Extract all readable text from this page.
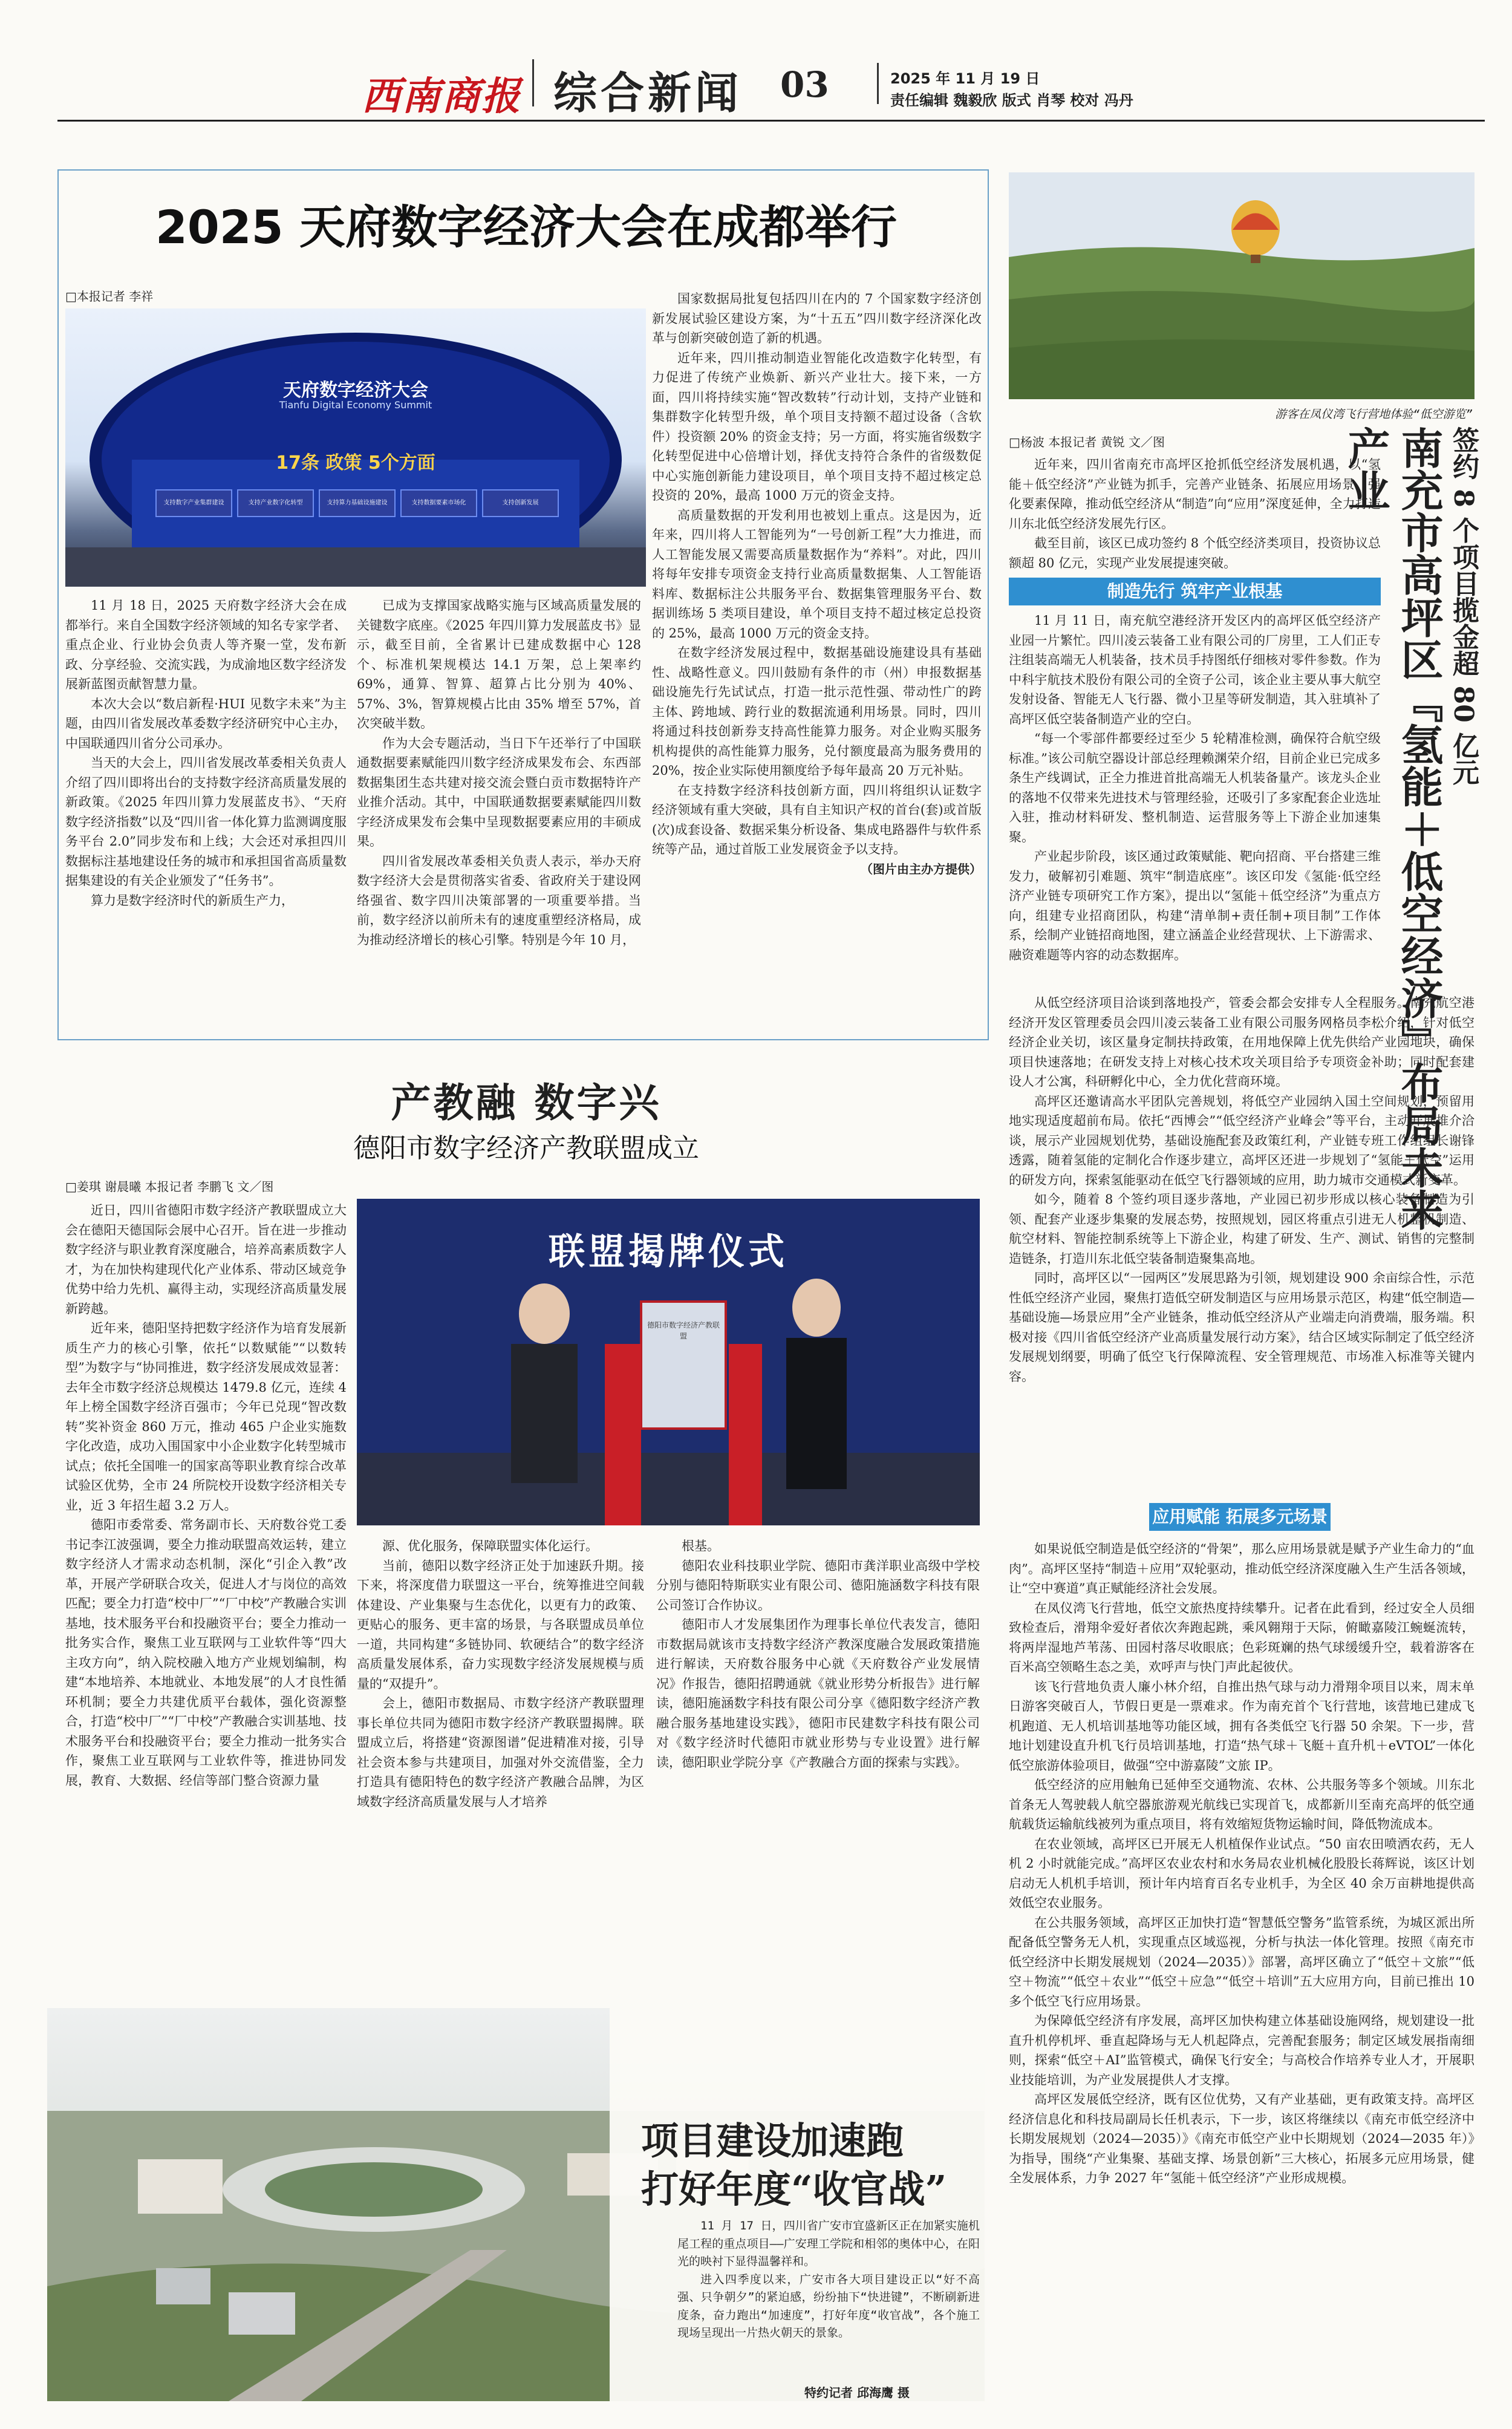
西南商报 综合新闻 03	2025 年 11 月 19 日
责任编辑 魏毅欣 版式 肖琴 校对 冯丹
2025 天府数字经济大会在成都举行
□本报记者 李祥
天府数字经济大会
Tianfu Digital Economy Summit
17条 政策 5个方面
支持数字产业集群建设	支持产业数字化转型	支持算力基础设施建设	支持数据要素市场化	支持创新发展

11 月 18 日，2025 天府数字经济大会在成都举行。来自全国数字经济领域的知名专家学者、重点企业、行业协会负责人等齐聚一堂，发布新政、分享经验、交流实践，为成渝地区数字经济发展新蓝图贡献智慧力量。

本次大会以“数启新程·HUI 见数字未来”为主题，由四川省发展改革委数字经济研究中心主办，中国联通四川省分公司承办。

当天的大会上，四川省发展改革委相关负责人介绍了四川即将出台的支持数字经济高质量发展的新政策。《2025 年四川算力发展蓝皮书》、“天府数字经济指数”以及“四川省一体化算力监测调度服务平台 2.0”同步发布和上线；大会还对承担四川数据标注基地建设任务的城市和承担国省高质量数据集建设的有关企业颁发了“任务书”。

算力是数字经济时代的新质生产力，

已成为支撑国家战略实施与区域高质量发展的关键数字底座。《2025 年四川算力发展蓝皮书》显示，截至目前，全省累计已建成数据中心 128 个、标准机架规模达 14.1 万架，总上架率约 69%，通算、智算、超算占比分别为 40%、57%、3%，智算规模占比由 35% 增至 57%，首次突破半数。

作为大会专题活动，当日下午还举行了中国联通数据要素赋能四川数字经济成果发布会、东西部数据集团生态共建对接交流会暨白贡市数据特许产业推介活动。其中，中国联通数据要素赋能四川数字经济成果发布会集中呈现数据要素应用的丰硕成果。

四川省发展改革委相关负责人表示，举办天府数字经济大会是贯彻落实省委、省政府关于建设网络强省、数字四川决策部署的一项重要举措。当前，数字经济以前所未有的速度重塑经济格局，成为推动经济增长的核心引擎。特别是今年 10 月，

国家数据局批复包括四川在内的 7 个国家数字经济创新发展试验区建设方案，为“十五五”四川数字经济深化改革与创新突破创造了新的机遇。

近年来，四川推动制造业智能化改造数字化转型，有力促进了传统产业焕新、新兴产业壮大。接下来，一方面，四川将持续实施“智改数转”行动计划，支持产业链和集群数字化转型升级，单个项目支持额不超过设备（含软件）投资额 20% 的资金支持；另一方面，将实施省级数字化转型促进中心倍增计划，择优支持符合条件的省级数促中心实施创新能力建设项目，单个项目支持不超过核定总投资的 20%，最高 1000 万元的资金支持。

高质量数据的开发利用也被划上重点。这是因为，近年来，四川将人工智能列为“一号创新工程”大力推进，而人工智能发展又需要高质量数据作为“养料”。对此，四川将每年安排专项资金支持行业高质量数据集、人工智能语料库、数据标注公共服务平台、数据集管理服务平台、数据训练场 5 类项目建设，单个项目支持不超过核定总投资的 25%，最高 1000 万元的资金支持。

在数字经济发展过程中，数据基础设施建设具有基础性、战略性意义。四川鼓励有条件的市（州）申报数据基础设施先行先试试点，打造一批示范性强、带动性广的跨主体、跨地域、跨行业的数据流通利用场景。同时，四川将通过科技创新券支持高性能算力服务。对企业购买服务机构提供的高性能算力服务，兑付额度最高为服务费用的 20%，按企业实际使用额度给予每年最高 20 万元补贴。

在支持数字经济科技创新方面，四川将组织认证数字经济领域有重大突破，具有自主知识产权的首台(套)或首版(次)成套设备、数据采集分析设备、集成电路器件与软件系统等产品，通过首版工业发展资金予以支持。

（图片由主办方提供）

产教融 数字兴
德阳市数字经济产教联盟成立
□姜琪 谢晨曦 本报记者 李鹏飞 文／图
联盟揭牌仪式
德阳市数字经济产教联盟

近日，四川省德阳市数字经济产教联盟成立大会在德阳天德国际会展中心召开。旨在进一步推动数字经济与职业教育深度融合，培养高素质数字人才，为在加快构建现代化产业体系、带动区域竞争优势中给力先机、赢得主动，实现经济高质量发展新跨越。

近年来，德阳坚持把数字经济作为培育发展新质生产力的核心引擎，依托“以数赋能”“以数转型”为数字与“协同推进，数字经济发展成效显著：去年全市数字经济总规模达 1479.8 亿元，连续 4 年上榜全国数字经济百强市；今年已兑现“智改数转”奖补资金 860 万元，推动 465 户企业实施数字化改造，成功入围国家中小企业数字化转型城市试点；依托全国唯一的国家高等职业教育综合改革试验区优势，全市 24 所院校开设数字经济相关专业，近 3 年招生超 3.2 万人。

德阳市委常委、常务副市长、天府数谷党工委书记李江波强调，要全力推动联盟高效运转，建立数字经济人才需求动态机制，深化“引企入教”改革，开展产学研联合攻关，促进人才与岗位的高效匹配；要全力打造“校中厂”“厂中校”产教融合实训基地，技术服务平台和投融资平台；要全力推动一批务实合作，聚焦工业互联网与工业软件等“四大主攻方向”，纳入院校融入地方产业规划编制，构建“本地培养、本地就业、本地发展”的人才良性循环机制；要全力共建优质平台载体，强化资源整合，打造“校中厂”“厂中校”产教融合实训基地、技术服务平台和投融资平台；要全力推动一批务实合作，聚焦工业互联网与工业软件等，推进协同发展，教育、大数据、经信等部门整合资源力量

源、优化服务，保障联盟实体化运行。

当前，德阳以数字经济正处于加速跃升期。接下来，将深度借力联盟这一平台，统筹推进空间载体建设、产业集聚与生态优化，以更有力的政策、更贴心的服务、更丰富的场景，与各联盟成员单位一道，共同构建“多链协同、软硬结合”的数字经济高质量发展体系，奋力实现数字经济发展规模与质量的“双提升”。

会上，德阳市数据局、市数字经济产教联盟理事长单位共同为德阳市数字经济产教联盟揭牌。联盟成立后，将搭建“资源图谱”促进精准对接，引导社会资本参与共建项目，加强对外交流借鉴，全力打造具有德阳特色的数字经济产教融合品牌，为区域数字经济高质量发展与人才培养

根基。

德阳农业科技职业学院、德阳市龚洋职业高级中学校分别与德阳特斯联实业有限公司、德阳施涵数字科技有限公司签订合作协议。

德阳市人才发展集团作为理事长单位代表发言，德阳市数据局就该市支持数字经济产教深度融合发展政策措施进行解读，天府数谷服务中心就《天府数谷产业发展情况》作报告，德阳招聘通就《就业形势分析报告》进行解读，德阳施涵数字科技有限公司分享《德阳数字经济产教融合服务基地建设实践》，德阳市民建数字科技有限公司对《数字经济时代德阳市就业形势与专业设置》进行解读，德阳职业学院分享《产教融合方面的探索与实践》。

项目建设加速跑
打好年度“收官战”

11 月 17 日，四川省广安市宜盛新区正在加紧实施机尾工程的重点项目——广安理工学院和相邻的奥体中心，在阳光的映衬下显得温馨祥和。

进入四季度以来，广安市各大项目建设正以“好不高强、只争朝夕”的紧迫感，纷纷抽下“快进键”，不断刷新进度条，奋力跑出“加速度”，打好年度“收官战”，各个施工现场呈现出一片热火朝天的景象。

特约记者 邱海鹰 摄
游客在凤仪湾飞行营地体验“低空游览”
□杨波 本报记者 黄锐 文／图	签约 8 个项目揽金超 80 亿元
南充市高坪区『氢能＋低空经济』布局未来产业

近年来，四川省南充市高坪区抢抓低空经济发展机遇，以“氢能＋低空经济”产业链为抓手，完善产业链条、拓展应用场景、强化要素保障，推动低空经济从“制造”向“应用”深度延伸，全力打造川东北低空经济发展先行区。

截至目前，该区已成功签约 8 个低空经济类项目，投资协议总额超 80 亿元，实现产业发展提速突破。

制造先行 筑牢产业根基

11 月 11 日，南充航空港经济开发区内的高坪区低空经济产业园一片繁忙。四川凌云装备工业有限公司的厂房里，工人们正专注组装高端无人机装备，技术员手持图纸仔细核对零件参数。作为中科宇航技术股份有限公司的全资子公司，该企业主要从事大航空发射设备、智能无人飞行器、微小卫星等研发制造，其入驻填补了高坪区低空装备制造产业的空白。

“每一个零部件都要经过至少 5 轮精准检测，确保符合航空级标准。”该公司航空器设计部总经理赖渊荣介绍，目前企业已完成多条生产线调试，正全力推进首批高端无人机装备量产。该龙头企业的落地不仅带来先进技术与管理经验，还吸引了多家配套企业选址入驻，推动材料研发、整机制造、运营服务等上下游企业加速集聚。

产业起步阶段，该区通过政策赋能、靶向招商、平台搭建三维发力，破解初引难题、筑牢“制造底座”。该区印发《氢能·低空经济产业链专项研究工作方案》，提出以“氢能＋低空经济”为重点方向，组建专业招商团队，构建“清单制+责任制+项目制”工作体系，绘制产业链招商地图，建立涵盖企业经营现状、上下游需求、融资难题等内容的动态数据库。

从低空经济项目洽谈到落地投产，管委会都会安排专人全程服务。南充航空港经济开发区管理委员会四川凌云装备工业有限公司服务网格员李松介绍，针对低空经济企业关切，该区量身定制扶持政策，在用地保障上优先供给产业园地块，确保项目快速落地；在研发支持上对核心技术攻关项目给予专项资金补助；同时配套建设人才公寓，科研孵化中心，全力优化营商环境。

高坪区还邀请高水平团队完善规划，将低空产业园纳入国土空间规划，预留用地实现适度超前布局。依托“西博会”“低空经济产业峰会”等平台，主动开展推介洽谈，展示产业园规划优势，基础设施配套及政策红利，产业链专班工作组组长谢锋透露，随着氢能的定制化合作逐步建立，高坪区还进一步规划了“氢能＋低空”运用的研发方向，探索氢能驱动在低空飞行器领域的应用，助力城市交通模式新变革。

如今，随着 8 个签约项目逐步落地，产业园已初步形成以核心装备制造为引领、配套产业逐步集聚的发展态势，按照规划，园区将重点引进无人机整机制造、航空材料、智能控制系统等上下游企业，构建了研发、生产、测试、销售的完整制造链条，打造川东北低空装备制造聚集高地。

同时，高坪区以“一园两区”发展思路为引领，规划建设 900 余亩综合性，示范性低空经济产业园，聚焦打造低空研发制造区与应用场景示范区，构建“低空制造—基础设施—场景应用”全产业链条，推动低空经济从产业端走向消费端，服务端。积极对接《四川省低空经济产业高质量发展行动方案》，结合区域实际制定了低空经济发展规划纲要，明确了低空飞行保障流程、安全管理规范、市场准入标准等关键内容。

应用赋能 拓展多元场景

如果说低空制造是低空经济的“骨架”，那么应用场景就是赋予产业生命力的“血肉”。高坪区坚持“制造＋应用”双轮驱动，推动低空经济深度融入生产生活各领域，让“空中赛道”真正赋能经济社会发展。

在凤仪湾飞行营地，低空文旅热度持续攀升。记者在此看到，经过安全人员细致检查后，滑翔伞爱好者依次奔跑起跳，乘风翱翔于天际，俯瞰嘉陵江蜿蜒流转，将两岸湿地芦苇荡、田园村落尽收眼底；色彩斑斓的热气球缓缓升空，载着游客在百米高空领略生态之美，欢呼声与快门声此起彼伏。

该飞行营地负责人廉小林介绍，自推出热气球与动力滑翔伞项目以来，周末单日游客突破百人，节假日更是一票难求。作为南充首个飞行营地，该营地已建成飞机跑道、无人机培训基地等功能区域，拥有各类低空飞行器 50 余架。下一步，营地计划建设直升机飞行员培训基地，打造“热气球＋飞艇＋直升机＋eVTOL”一体化低空旅游体验项目，做强“空中游嘉陵”文旅 IP。

低空经济的应用触角已延伸至交通物流、农林、公共服务等多个领域。川东北首条无人驾驶载人航空器旅游观光航线已实现首飞，成都新川至南充高坪的低空通航载货运输航线被列为重点项目，将有效缩短货物运输时间，降低物流成本。

在农业领域，高坪区已开展无人机植保作业试点。“50 亩农田喷洒农药，无人机 2 小时就能完成。”高坪区农业农村和水务局农业机械化股股长蒋辉说，该区计划启动无人机机手培训，预计年内培育百名专业机手，为全区 40 余万亩耕地提供高效低空农业服务。

在公共服务领域，高坪区正加快打造“智慧低空警务”监管系统，为城区派出所配备低空警务无人机，实现重点区域巡视，分析与执法一体化管理。按照《南充市低空经济中长期发展规划（2024—2035）》部署，高坪区确立了“低空＋文旅”“低空＋物流”“低空＋农业”“低空＋应急”“低空＋培训”五大应用方向，目前已推出 10 多个低空飞行应用场景。

为保障低空经济有序发展，高坪区加快构建立体基础设施网络，规划建设一批直升机停机坪、垂直起降场与无人机起降点，完善配套服务；制定区域发展指南细则，探索“低空＋AI”监管模式，确保飞行安全；与高校合作培养专业人才，开展职业技能培训，为产业发展提供人才支撑。

高坪区发展低空经济，既有区位优势，又有产业基础，更有政策支持。高坪区经济信息化和科技局副局长任机表示，下一步，该区将继续以《南充市低空经济中长期发展规划（2024—2035）》《南充市低空产业中长期规划（2024—2035 年）》为指导，围绕“产业集聚、基础支撑、场景创新”三大核心，拓展多元应用场景，健全发展体系，力争 2027 年“氢能＋低空经济”产业形成规模。
